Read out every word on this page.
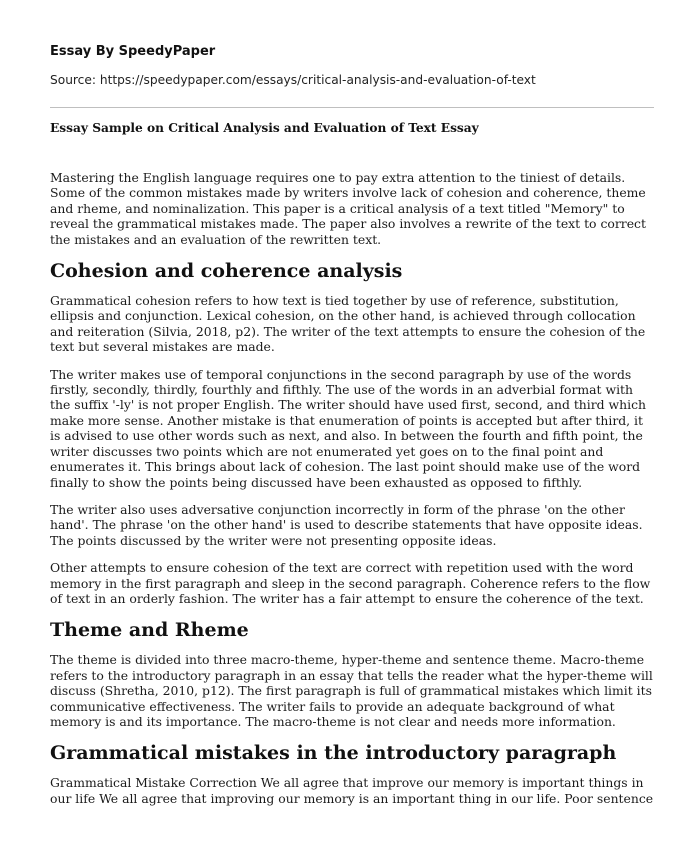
Essay By SpeedyPaper

Source: https://speedypaper.com/essays/critical-analysis-and-evaluation-of-text

Essay Sample on Critical Analysis and Evaluation of Text Essay

Mastering the English language requires one to pay extra attention to the tiniest of details. Some of the common mistakes made by writers involve lack of cohesion and coherence, theme and rheme, and nominalization. This paper is a critical analysis of a text titled "Memory" to reveal the grammatical mistakes made. The paper also involves a rewrite of the text to correct the mistakes and an evaluation of the rewritten text.

Cohesion and coherence analysis

Grammatical cohesion refers to how text is tied together by use of reference, substitution, ellipsis and conjunction. Lexical cohesion, on the other hand, is achieved through collocation and reiteration (Silvia, 2018, p2). The writer of the text attempts to ensure the cohesion of the text but several mistakes are made.

The writer makes use of temporal conjunctions in the second paragraph by use of the words firstly, secondly, thirdly, fourthly and fifthly. The use of the words in an adverbial format with the suffix '-ly' is not proper English. The writer should have used first, second, and third which make more sense. Another mistake is that enumeration of points is accepted but after third, it is advised to use other words such as next, and also. In between the fourth and fifth point, the writer discusses two points which are not enumerated yet goes on to the final point and enumerates it. This brings about lack of cohesion. The last point should make use of the word finally to show the points being discussed have been exhausted as opposed to fifthly.

The writer also uses adversative conjunction incorrectly in form of the phrase 'on the other hand'. The phrase 'on the other hand' is used to describe statements that have opposite ideas. The points discussed by the writer were not presenting opposite ideas.

Other attempts to ensure cohesion of the text are correct with repetition used with the word memory in the first paragraph and sleep in the second paragraph. Coherence refers to the flow of text in an orderly fashion. The writer has a fair attempt to ensure the coherence of the text.

Theme and Rheme

The theme is divided into three macro-theme, hyper-theme and sentence theme. Macro-theme refers to the introductory paragraph in an essay that tells the reader what the hyper-theme will discuss (Shretha, 2010, p12). The first paragraph is full of grammatical mistakes which limit its communicative effectiveness. The writer fails to provide an adequate background of what memory is and its importance. The macro-theme is not clear and needs more information.

Grammatical mistakes in the introductory paragraph

Grammatical Mistake Correction We all agree that improve our memory is important things in our life We all agree that improving our memory is an important thing in our life. Poor sentence
